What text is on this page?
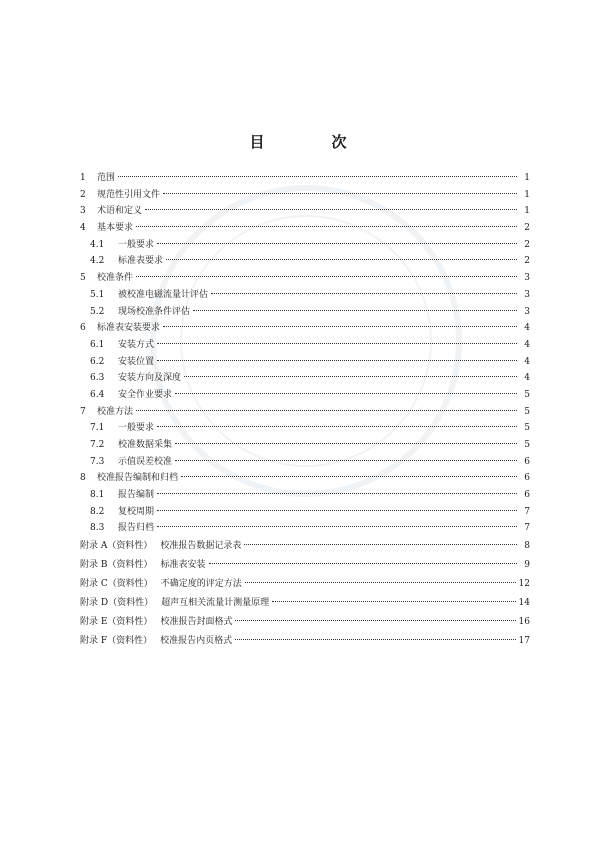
目　次
1	范围	1
2	规范性引用文件	1
3	术语和定义	1
4	基本要求	2
4.1	一般要求	2
4.2	标准表要求	2
5	校准条件	3
5.1	被校准电磁流量计评估	3
5.2	现场校准条件评估	3
6	标准表安装要求	4
6.1	安装方式	4
6.2	安装位置	4
6.3	安装方向及深度	4
6.4	安全作业要求	5
7	校准方法	5
7.1	一般要求	5
7.2	校准数据采集	5
7.3	示值误差校准	6
8	校准报告编制和归档	6
8.1	报告编制	6
8.2	复校周期	7
8.3	报告归档	7
附录 A（资料性） 校准报告数据记录表	8
附录 B（资料性） 标准表安装	9
附录 C（资料性） 不确定度的评定方法	12
附录 D（资料性） 超声互相关流量计测量原理	14
附录 E（资料性） 校准报告封面格式	16
附录 F（资料性） 校准报告内页格式	17
